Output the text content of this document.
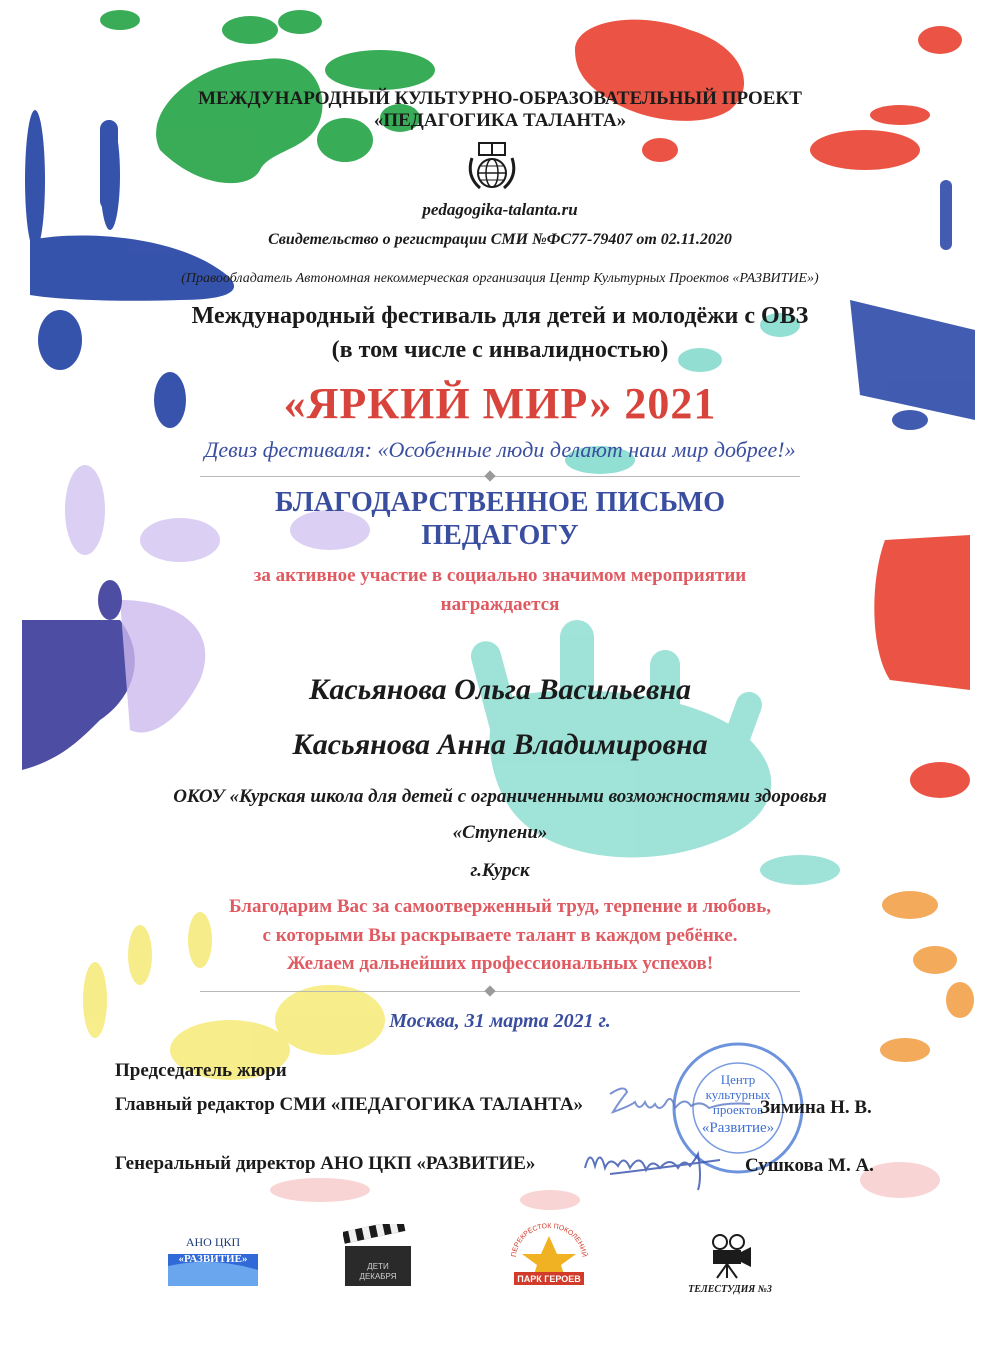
МЕЖДУНАРОДНЫЙ КУЛЬТУРНО-ОБРАЗОВАТЕЛЬНЫЙ ПРОЕКТ
«ПЕДАГОГИКА ТАЛАНТА»
pedagogika-talanta.ru
Свидетельство о регистрации СМИ №ФС77-79407 от 02.11.2020
(Правообладатель Автономная некоммерческая организация Центр Культурных Проектов «РАЗВИТИЕ»)
Международный фестиваль для детей и молодёжи с ОВЗ
(в том числе с инвалидностью)
«ЯРКИЙ МИР» 2021
Девиз фестиваля: «Особенные люди делают наш мир добрее!»
БЛАГОДАРСТВЕННОЕ ПИСЬМО
ПЕДАГОГУ
за активное участие в социально значимом мероприятии
награждается
Касьянова Ольга Васильевна
Касьянова Анна Владимировна
ОКОУ «Курская школа для детей с ограниченными возможностями здоровья
«Ступени»
г.Курск
Благодарим Вас за самоотверженный труд, терпение и любовь,
с которыми Вы раскрываете талант в каждом ребёнке.
Желаем дальнейших профессиональных успехов!
Москва, 31 марта 2021 г.
Центр
культурных
проектов
«Развитие»
Председатель жюри
Главный редактор СМИ «ПЕДАГОГИКА ТАЛАНТА»	Зимина Н. В.
Генеральный директор АНО ЦКП «РАЗВИТИЕ»	Сушкова М. А.
АНО ЦКП
«РАЗВИТИЕ»
ДЕТИ
ДЕКАБРЯ
ПЕРЕКРЁСТОК ПОКОЛЕНИЙ
ПАРК ГЕРОЕВ
ТЕЛЕСТУДИЯ №3
